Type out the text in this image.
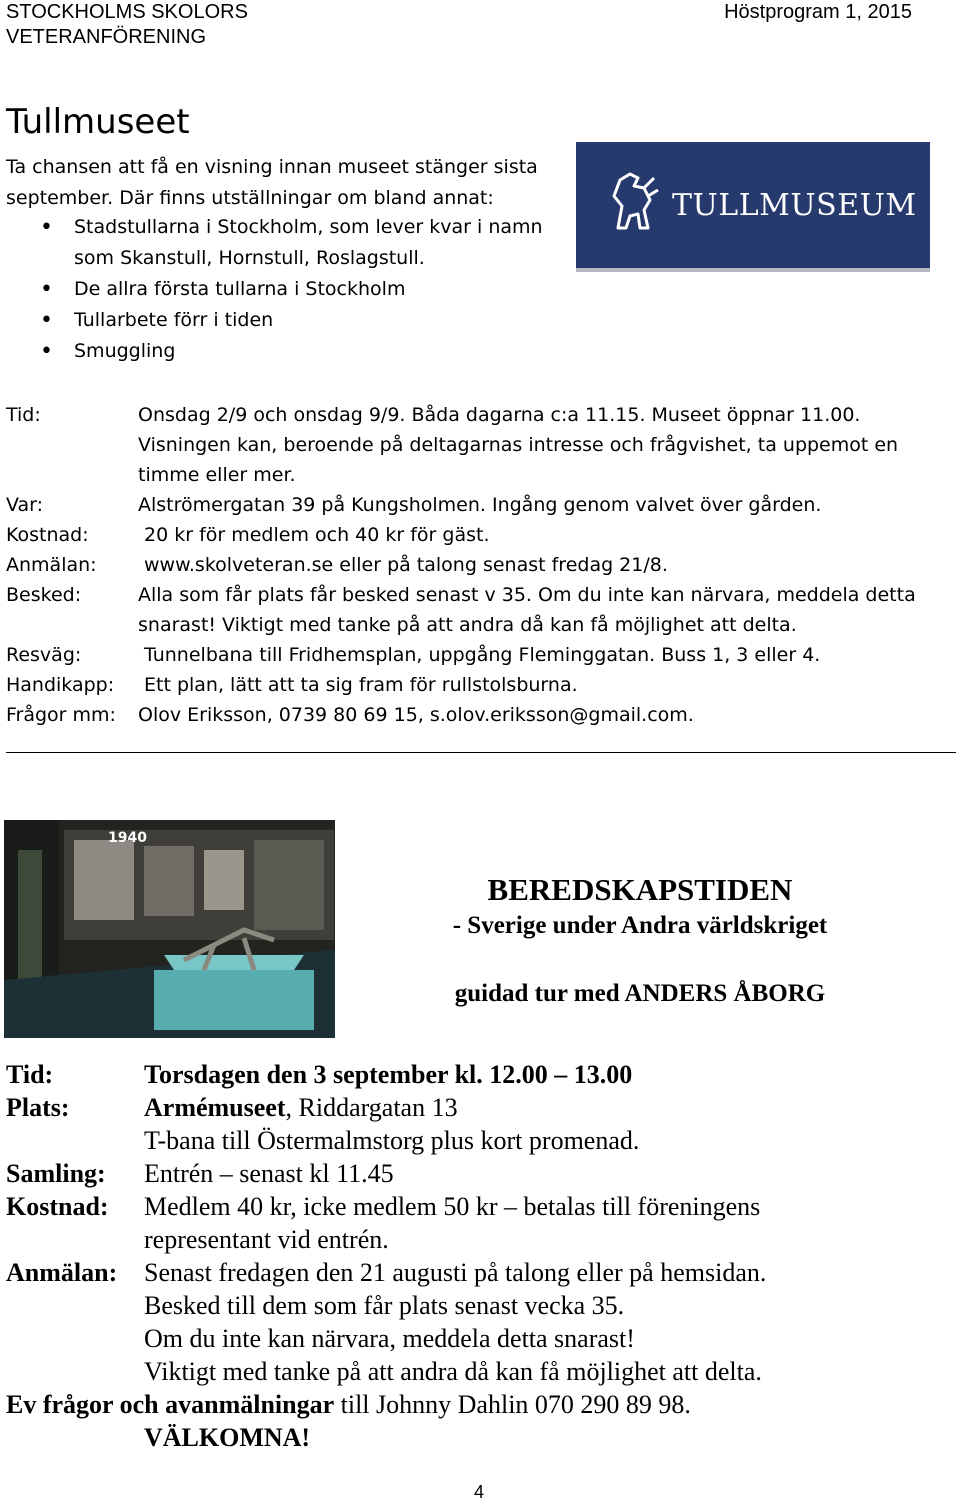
STOCKHOLMS SKOLORS
VETERANFÖRENING
Höstprogram 1, 2015
Tullmuseet
Ta chansen att få en visning innan museet stänger sista
september. Där finns utställningar om bland annat:
• Stadstullarna i Stockholm, som lever kvar i namn som Skanstull, Hornstull, Roslagstull.
• De allra första tullarna i Stockholm
• Tullarbete förr i tiden
• Smuggling
TULLMUSEUM
Tid:	Onsdag 2/9 och onsdag 9/9. Båda dagarna c:a 11.15. Museet öppnar 11.00.
Visningen kan, beroende på deltagarnas intresse och frågvishet, ta uppemot en
timme eller mer.
Var:	Alströmergatan 39 på Kungsholmen. Ingång genom valvet över gården.
Kostnad:	20 kr för medlem och 40 kr för gäst.
Anmälan: www.skolveteran.se eller på talong senast fredag 21/8.
Besked:	Alla som får plats får besked senast v 35. Om du inte kan närvara, meddela detta
snarast! Viktigt med tanke på att andra då kan få möjlighet att delta.
Resväg:	Tunnelbana till Fridhemsplan, uppgång Fleminggatan. Buss 1, 3 eller 4.
Handikapp: Ett plan, lätt att ta sig fram för rullstolsburna.
Frågor mm: Olov Eriksson, 0739 80 69 15, s.olov.eriksson@gmail.com.
1940
BEREDSKAPSTIDEN
- Sverige under Andra världskriget
guidad tur med ANDERS ÅBORG
Tid:	Torsdagen den 3 september kl. 12.00 – 13.00
Plats:	Armémuseet, Riddargatan 13
T-bana till Östermalmstorg plus kort promenad.
Samling: Entrén – senast kl 11.45
Kostnad: Medlem 40 kr, icke medlem 50 kr – betalas till föreningens
representant vid entrén.
Anmälan: Senast fredagen den 21 augusti på talong eller på hemsidan.
Besked till dem som får plats senast vecka 35.
Om du inte kan närvara, meddela detta snarast!
Viktigt med tanke på att andra då kan få möjlighet att delta.
Ev frågor och avanmälningar till Johnny Dahlin 070 290 89 98.
VÄLKOMNA!
4
